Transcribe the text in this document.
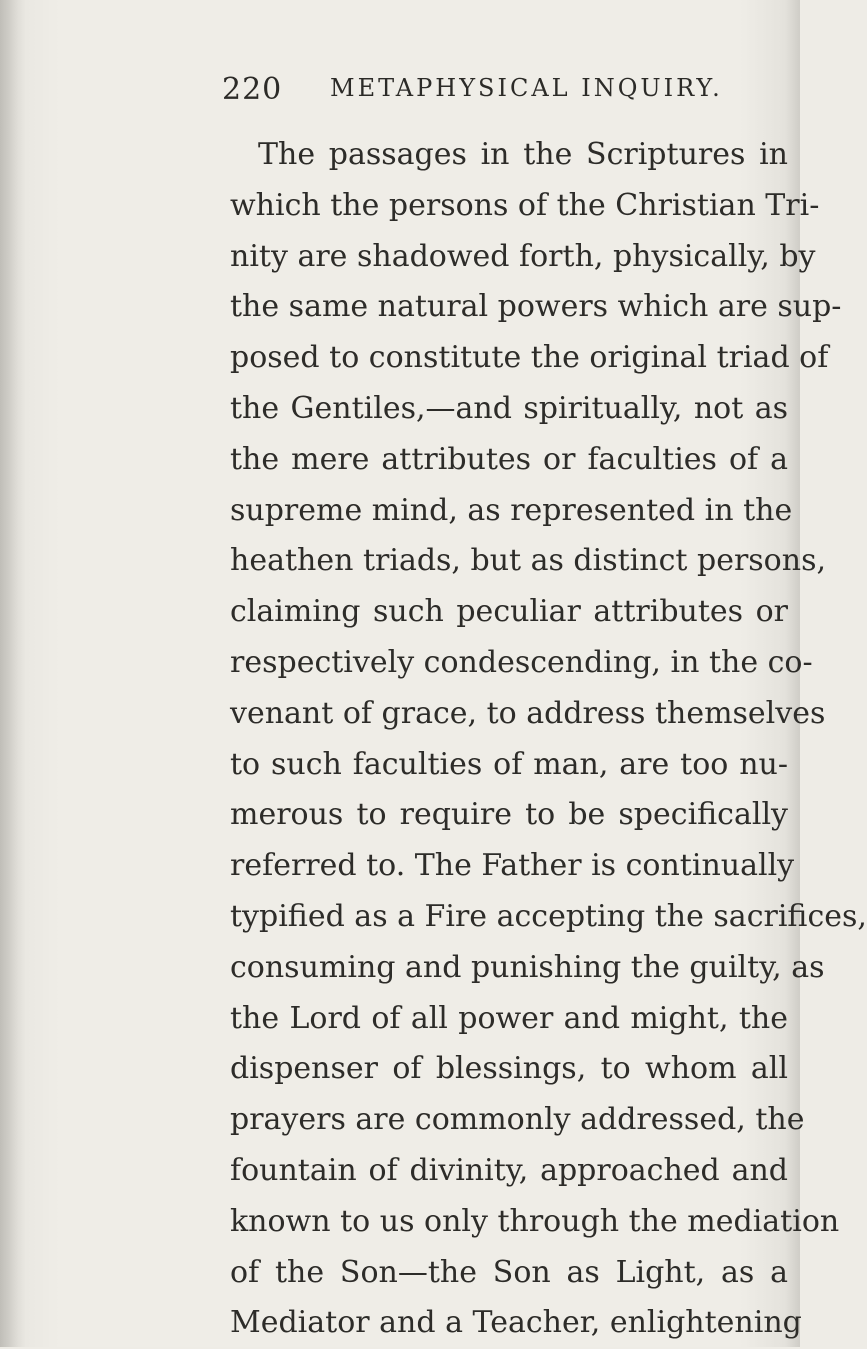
220 METAPHYSICAL INQUIRY.
The passages in the Scriptures in
which the persons of the Christian Tri-
nity are shadowed forth, physically, by
the same natural powers which are sup-
posed to constitute the original triad of
the Gentiles,—and spiritually, not as
the mere attributes or faculties of a
supreme mind, as represented in the
heathen triads, but as distinct persons,
claiming such peculiar attributes or
respectively condescending, in the co-
venant of grace, to address themselves
to such faculties of man, are too nu-
merous to require to be specifically
referred to. The Father is continually
typified as a Fire accepting the sacrifices,
consuming and punishing the guilty, as
the Lord of all power and might, the
dispenser of blessings, to whom all
prayers are commonly addressed, the
fountain of divinity, approached and
known to us only through the mediation
of the Son—the Son as Light, as a
Mediator and a Teacher, enlightening
